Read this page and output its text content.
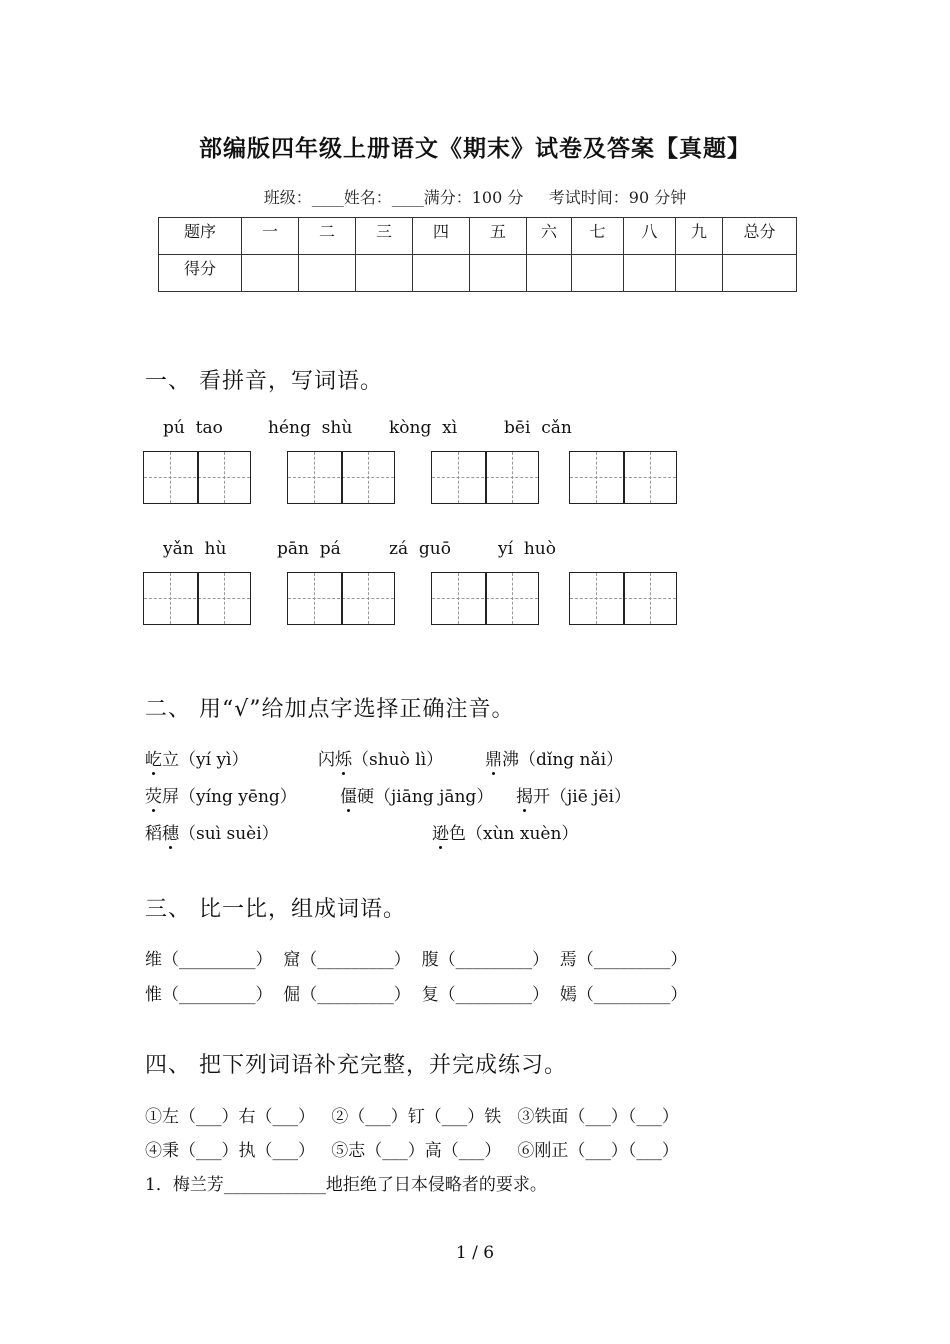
部编版四年级上册语文《期末》试卷及答案【真题】
班级：____姓名：____满分：100 分     考试时间：90 分钟
题序	一	二	三	四	五	六	七	八	九	总分
得分										
一、 看拼音，写词语。
pú  tao	héng  shù kòng  xì	bēi  cǎn
yǎn  hù	pān  pá	zá  guō	yí  huò
二、 用“√”给加点字选择正确注音。
屹立（yí yì）	闪烁（shuò lì） 鼎沸（dǐng nǎi）
荧屏（yíng yēng）	僵硬（jiāng jāng） 揭开（jiē jēi）
稻穗（suì suèi）	逊色（xùn xuèn）
三、 比一比，组成词语。
维（_________）  窟（_________）  腹（_________）  焉（_________）
惟（_________）  倔（_________）  复（_________）  嫣（_________）
四、 把下列词语补充完整，并完成练习。
①左（___）右（___）   ②（___）钉（___）铁   ③铁面（___）（___）
④秉（___）执（___）   ⑤志（___）高（___）   ⑥刚正（___）（___）
1．梅兰芳____________地拒绝了日本侵略者的要求。
1 / 6
